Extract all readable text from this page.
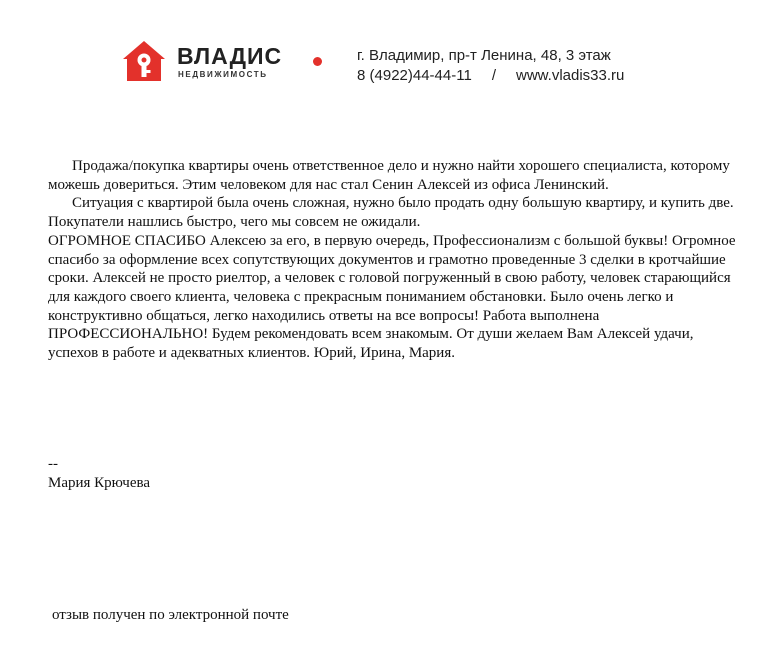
ВЛАДИС
НЕДВИЖИМОСТЬ
г. Владимир, пр-т Ленина, 48, 3 этаж
8 (4922)44-44-11 / www.vladis33.ru

Продажа/покупка квартиры очень ответственное дело и нужно найти хорошего специалиста, которому можешь довериться. Этим человеком для нас стал Сенин Алексей из офиса Ленинский.

Ситуация с квартирой была очень сложная, нужно было продать одну большую квартиру, и купить две. Покупатели нашлись быстро, чего мы совсем не ожидали.

ОГРОМНОЕ СПАСИБО Алексею за его, в первую очередь, Профессионализм с большой буквы! Огромное спасибо за оформление всех сопутствующих документов и грамотно проведенные 3 сделки в кротчайшие сроки. Алексей не просто риелтор, а человек с головой погруженный в свою работу, человек старающийся для каждого своего клиента, человека с прекрасным пониманием обстановки. Было очень легко и конструктивно общаться, легко находились ответы на все вопросы! Работа выполнена ПРОФЕССИОНАЛЬНО! Будем рекомендовать всем знакомым. От души желаем Вам Алексей удачи, успехов в работе и адекватных клиентов. Юрий, Ирина, Мария.

--
Мария Крючева
отзыв получен по электронной почте
